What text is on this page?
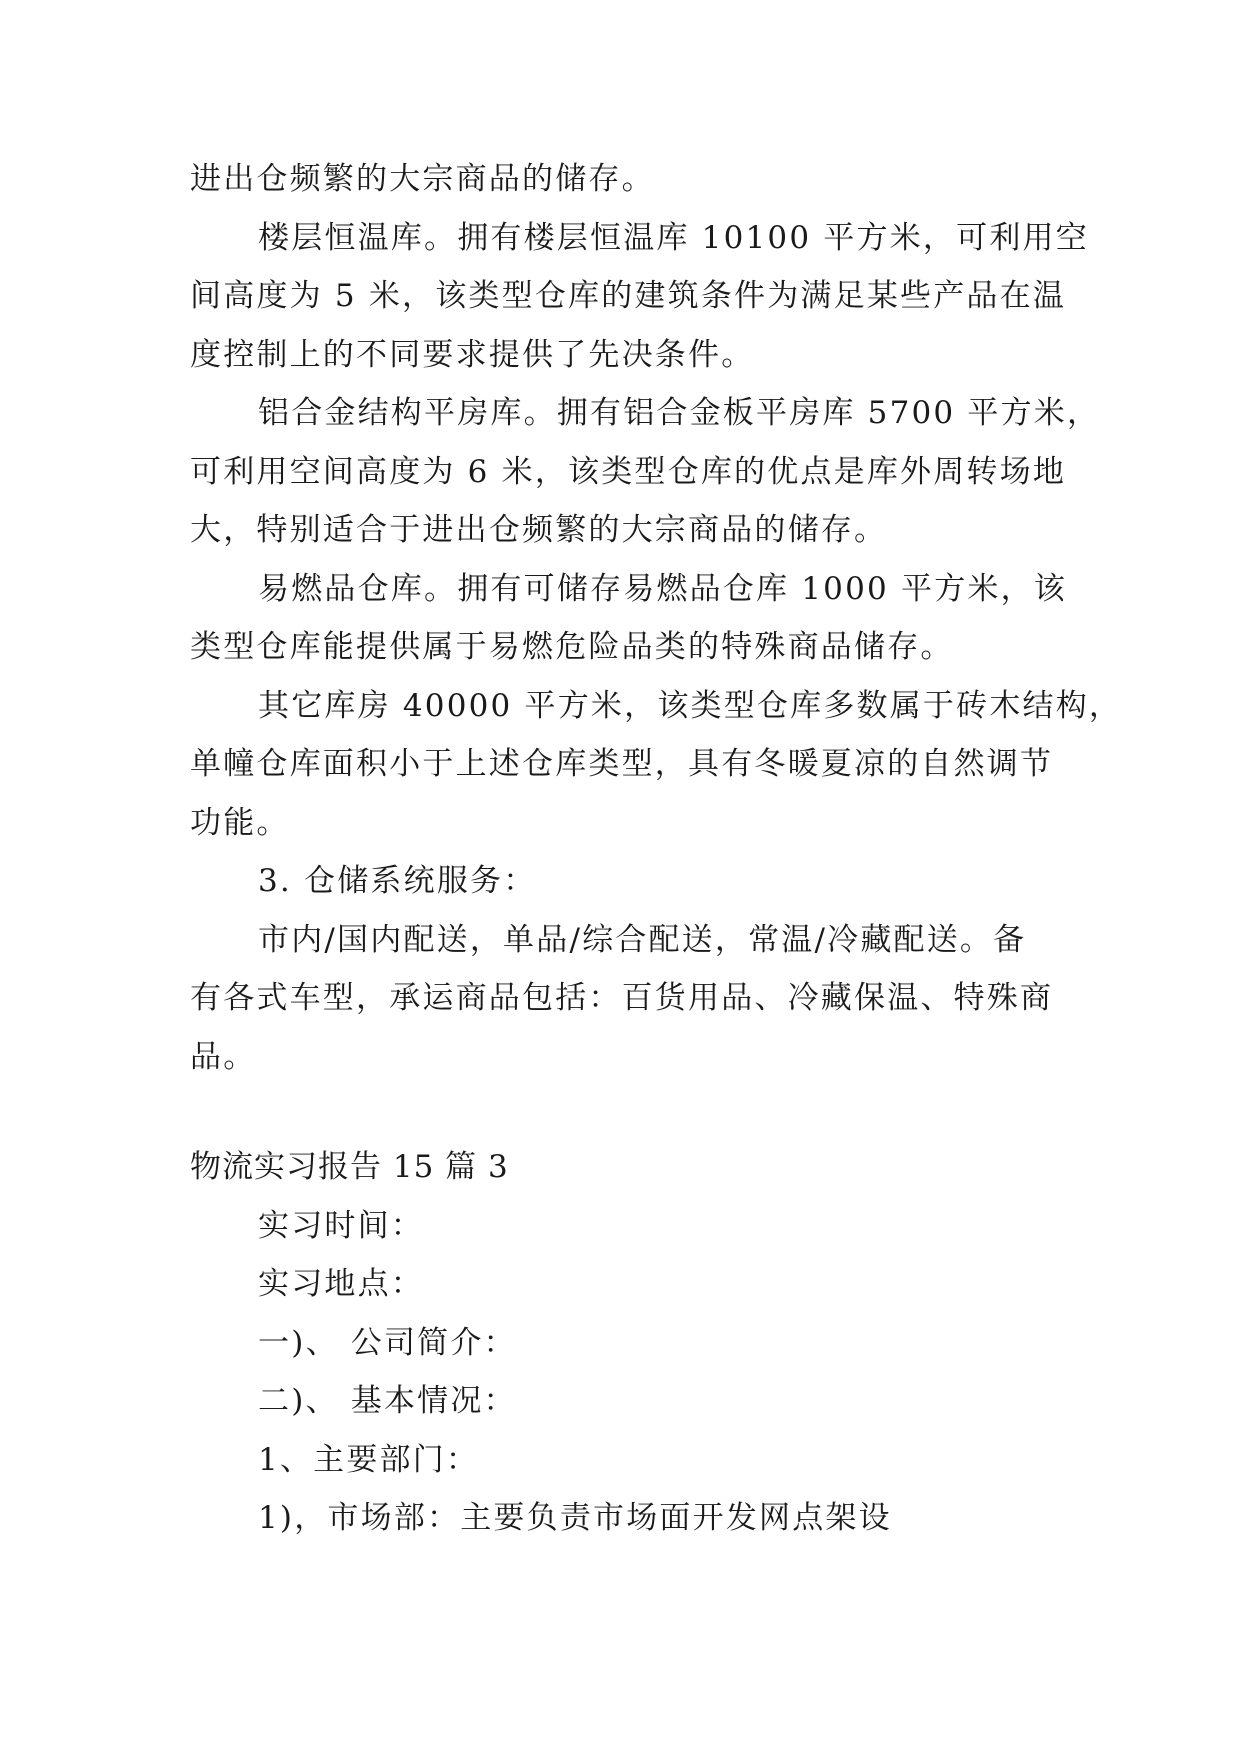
进出仓频繁的大宗商品的储存。
楼层恒温库。拥有楼层恒温库 10100 平方米，可利用空
间高度为 5 米，该类型仓库的建筑条件为满足某些产品在温
度控制上的不同要求提供了先决条件。
铝合金结构平房库。拥有铝合金板平房库 5700 平方米，
可利用空间高度为 6 米，该类型仓库的优点是库外周转场地
大，特别适合于进出仓频繁的大宗商品的储存。
易燃品仓库。拥有可储存易燃品仓库 1000 平方米，该
类型仓库能提供属于易燃危险品类的特殊商品储存。
其它库房 40000 平方米，该类型仓库多数属于砖木结构，
单幢仓库面积小于上述仓库类型，具有冬暖夏凉的自然调节
功能。
3. 仓储系统服务：
市内/国内配送，单品/综合配送，常温/冷藏配送。备
有各式车型，承运商品包括：百货用品、冷藏保温、特殊商
品。
物流实习报告 15 篇 3
实习时间：
实习地点：
一)、 公司简介：
二)、 基本情况：
1、主要部门：
1)，市场部：主要负责市场面开发网点架设
